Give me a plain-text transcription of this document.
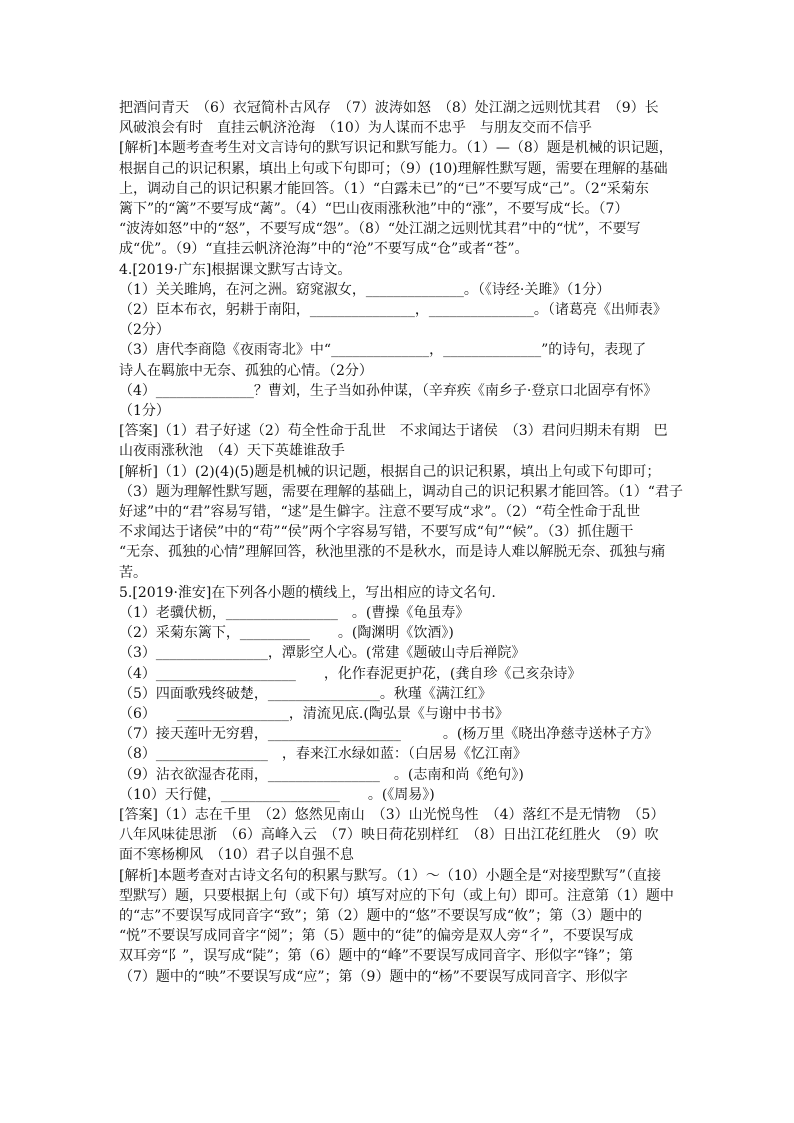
把酒问青天　（6）衣冠简朴古风存　（7）波涛如怒　（8）处江湖之远则忧其君　（9）长
风破浪会有时　直挂云帆济沧海　（10）为人谋而不忠乎　与朋友交而不信乎
[解析]本题考查考生对文言诗句的默写识记和默写能力。（1）—（8）题是机械的识记题，
根据自己的识记积累，填出上句或下句即可；（9）(10)理解性默写题，需要在理解的基础
上，调动自己的识记积累才能回答。（1）“白露未已”的“已”不要写成“己”。（2“采菊东
篱下”的“篱”不要写成“蓠”。（4）“巴山夜雨涨秋池”中的“涨”，不要写成“长。（7）
“波涛如怒”中的“怒”，不要写成“怨”。（8）“处江湖之远则忧其君”中的“忧”，不要写
成“优”。（9）“直挂云帆济沧海”中的“沧”不要写成“仓”或者“苍”。
4.[2019·广东]根据课文默写古诗文。
（1）关关雎鸠，在河之洲。窈窕淑女，______________。（《诗经·关雎》（1分）
（2）臣本布衣，躬耕于南阳，_______________，_______________。（诸葛亮《出师表》
（2分）
（3）唐代李商隐《夜雨寄北》中“______________，______________”的诗句，表现了
诗人在羁旅中无奈、孤独的心情。（2分）
（4）______________？曹刘，生子当如孙仲谋，（辛弃疾《南乡子·登京口北固亭有怀》
（1分）
[答案]（1）君子好逑（2）苟全性命于乱世　不求闻达于诸侯　（3）君问归期未有期　巴
山夜雨涨秋池　（4）天下英雄谁敌手
[解析]（1）(2)(4)(5)题是机械的识记题，根据自己的识记积累，填出上句或下句即可；
（3）题为理解性默写题，需要在理解的基础上，调动自己的识记积累才能回答。（1）“君子
好逑”中的“君”容易写错，“逑”是生僻字。注意不要写成“求”。（2）“苟全性命于乱世
不求闻达于诸侯”中的“苟”“侯”两个字容易写错，不要写成“旬”“候”。（3）抓住题干
“无奈、孤独的心情”理解回答，秋池里涨的不是秋水，而是诗人难以解脱无奈、孤独与痛
苦。
5.[2019·淮安]在下列各小题的横线上，写出相应的诗文名句.
（1）老骥伏枥，________________　。(曹操《龟虽寿》
（2）采菊东篱下，__________　　。(陶渊明《饮酒》)
（3）________________，潭影空人心。(常建《题破山寺后禅院》
（4）____________________　　，化作春泥更护花，(龚自珍《己亥杂诗》
（5）四面歌残终破楚，________________。秋瑾《满江红》
（6）　　________________，清流见底.(陶弘景《与谢中书书》
（7）接天莲叶无穷碧，___________________　　　。(杨万里《晓出净慈寺送林子方》
（8）________________　，春来江水绿如蓝：（白居易《忆江南》
（9）沾衣欲湿杏花雨，________________　。(志南和尚《绝句》)
（10）天行健，_________________　　。(《周易》)
[答案]（1）志在千里　（2）悠然见南山　（3）山光悦鸟性　（4）落红不是无情物　（5）
八年风味徒思浙　（6）高峰入云　（7）映日荷花别样红　（8）日出江花红胜火　（9）吹
面不寒杨柳风　（10）君子以自强不息
[解析]本题考查对古诗文名句的积累与默写。（1）～（10）小题全是“对接型默写”（直接
型默写）题，只要根据上句（或下句）填写对应的下句（或上句）即可。注意第（1）题中
的“志”不要误写成同音字“致”；第（2）题中的“悠”不要误写成“攸”；第（3）题中的
“悦”不要误写成同音字“阅”；第（5）题中的“徒”的偏旁是双人旁“彳”，不要误写成
双耳旁“阝”，误写成“陡”；第（6）题中的“峰”不要误写成同音字、形似字“锋”；第
（7）题中的“映”不要误写成“应”；第（9）题中的“杨”不要误写成同音字、形似字
